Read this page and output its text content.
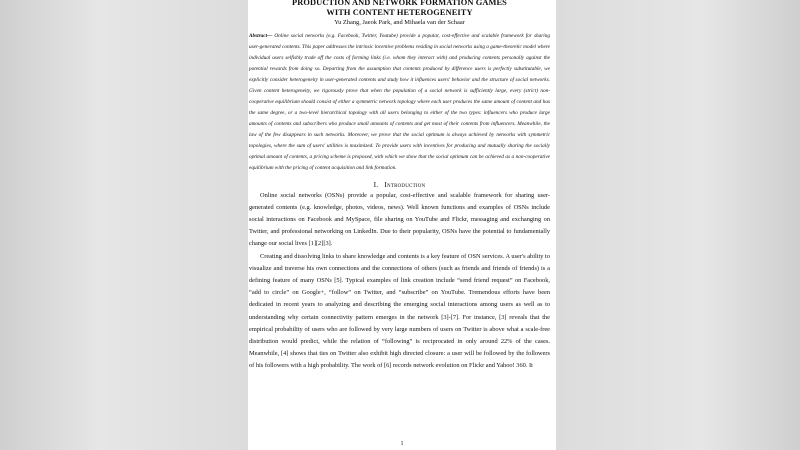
PRODUCTION AND NETWORK FORMATION GAMES
WITH CONTENT HETEROGENEITY
Yu Zhang, Jaeok Park, and Mihaela van der Schaar
Abstract— Online social networks (e.g. Facebook, Twitter, Youtube) provide a popular, cost-effective and scalable framework for sharing user-generated contents. This paper addresses the intrinsic incentive problems residing in social networks using a game-theoretic model where individual users selfishly trade off the costs of forming links (i.e. whom they interact with) and producing contents personally against the potential rewards from doing so. Departing from the assumption that contents produced by difference users is perfectly substitutable, we explicitly consider heterogeneity in user-generated contents and study how it influences users' behavior and the structure of social networks. Given content heterogeneity, we rigorously prove that when the population of a social network is sufficiently large, every (strict) non-cooperative equilibrium should consist of either a symmetric network topology where each user produces the same amount of content and has the same degree, or a two-level hierarchical topology with all users belonging to either of the two types: influencers who produce large amounts of contents and subscribers who produce small amounts of contents and get most of their contents from influencers. Meanwhile, the law of the few disappears in such networks. Moreover, we prove that the social optimum is always achieved by networks with symmetric topologies, where the sum of users' utilities is maximized. To provide users with incentives for producing and mutually sharing the socially optimal amount of contents, a pricing scheme is proposed, with which we show that the social optimum can be achieved as a non-cooperative equilibrium with the pricing of content acquisition and link formation.
I. Introduction

Online social networks (OSNs) provide a popular, cost-effective and scalable framework for sharing user-generated contents (e.g. knowledge, photos, videos, news). Well known functions and examples of OSNs include social interactions on Facebook and MySpace, file sharing on YouTube and Flickr, messaging and exchanging on Twitter, and professional networking on LinkedIn. Due to their popularity, OSNs have the potential to fundamentally change our social lives [1][2][3].

Creating and dissolving links to share knowledge and contents is a key feature of OSN services. A user's ability to visualize and traverse his own connections and the connections of others (such as friends and friends of friends) is a defining feature of many OSNs [5]. Typical examples of link creation include “send friend request” on Facebook, “add to circle” on Google+, “follow” on Twitter, and “subscribe” on YouTube. Tremendous efforts have been dedicated in recent years to analyzing and describing the emerging social interactions among users as well as to understanding why certain connectivity pattern emerges in the network [3]-[7]. For instance, [3] reveals that the empirical probability of users who are followed by very large numbers of users on Twitter is above what a scale-free distribution would predict, while the relation of “following” is reciprocated in only around 22% of the cases. Meanwhile, [4] shows that ties on Twitter also exhibit high directed closure: a user will be followed by the followers of his followers with a high probability. The work of [6] records network evolution on Flickr and Yahoo! 360. It

1
